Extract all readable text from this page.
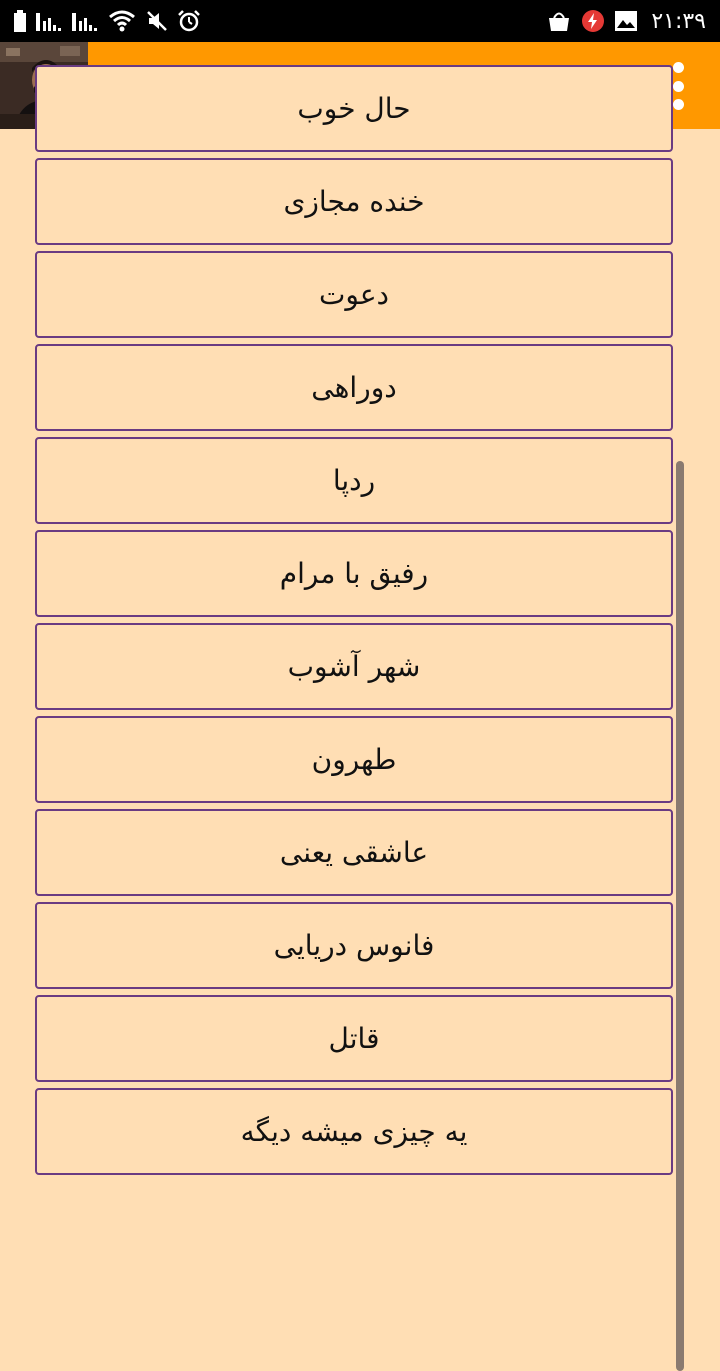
۲۱:۳۹
حال خوب
خنده مجازی
دعوت
دوراهی
ردپا
رفیق با مرام
شهر آشوب
طهرون
عاشقی یعنی
فانوس دریایی
قاتل
یه چیزی میشه دیگه
